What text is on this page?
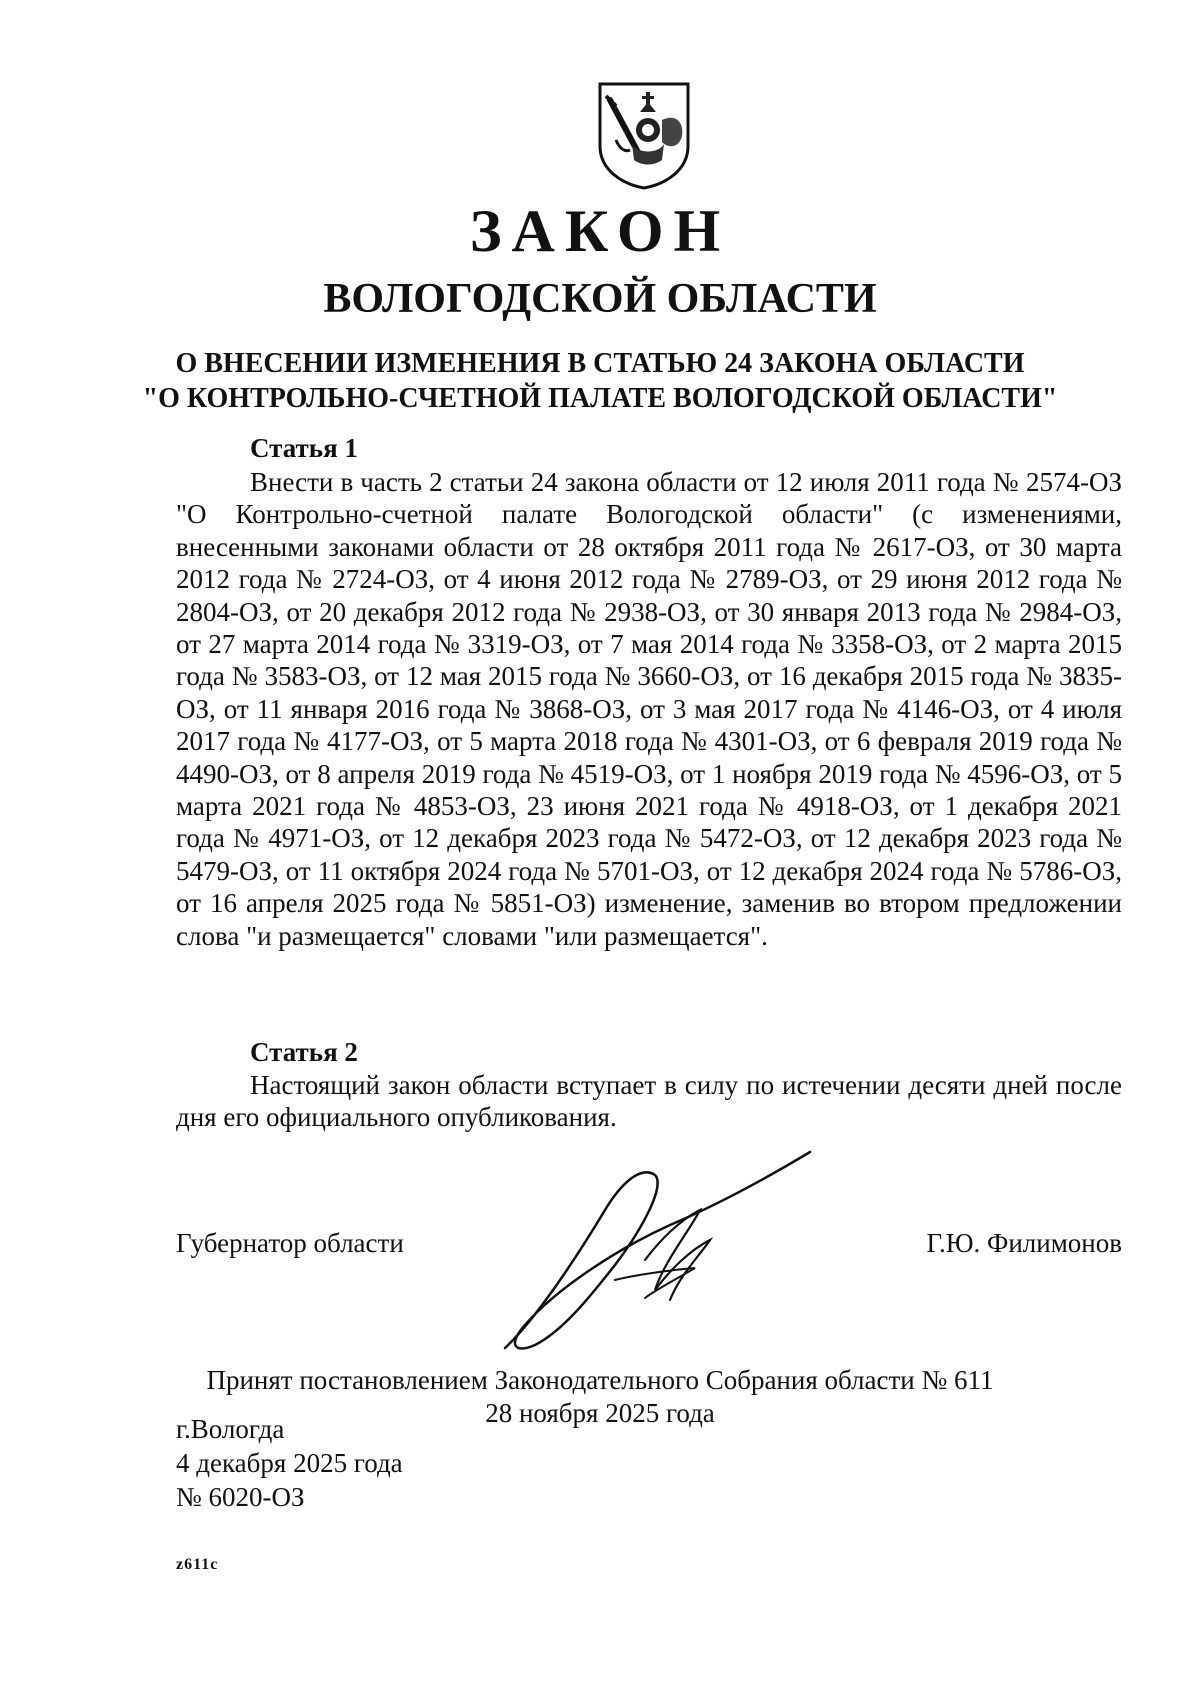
ЗАКОН
ВОЛОГОДСКОЙ ОБЛАСТИ
О ВНЕСЕНИИ ИЗМЕНЕНИЯ В СТАТЬЮ 24 ЗАКОНА ОБЛАСТИ
"О КОНТРОЛЬНО-СЧЕТНОЙ ПАЛАТЕ ВОЛОГОДСКОЙ ОБЛАСТИ"
Статья 1

Внести в часть 2 статьи 24 закона области от 12 июля 2011 года № 2574-ОЗ "О Контрольно-счетной палате Вологодской области" (с изменениями, внесенными законами области от 28 октября 2011 года № 2617-ОЗ, от 30 марта 2012 года № 2724-ОЗ, от 4 июня 2012 года № 2789-ОЗ, от 29 июня 2012 года № 2804-ОЗ, от 20 декабря 2012 года № 2938-ОЗ, от 30 января 2013 года № 2984-ОЗ, от 27 марта 2014 года № 3319-ОЗ, от 7 мая 2014 года № 3358-ОЗ, от 2 марта 2015 года № 3583-ОЗ, от 12 мая 2015 года № 3660-ОЗ, от 16 декабря 2015 года № 3835-ОЗ, от 11 января 2016 года № 3868-ОЗ, от 3 мая 2017 года № 4146-ОЗ, от 4 июля 2017 года № 4177-ОЗ, от 5 марта 2018 года № 4301-ОЗ, от 6 февраля 2019 года № 4490-ОЗ, от 8 апреля 2019 года № 4519-ОЗ, от 1 ноября 2019 года № 4596-ОЗ, от 5 марта 2021 года № 4853-ОЗ, 23 июня 2021 года № 4918-ОЗ, от 1 декабря 2021 года № 4971-ОЗ, от 12 декабря 2023 года № 5472-ОЗ, от 12 декабря 2023 года № 5479-ОЗ, от 11 октября 2024 года № 5701-ОЗ, от 12 декабря 2024 года № 5786-ОЗ, от 16 апреля 2025 года № 5851-ОЗ) изменение, заменив во втором предложении слова "и размещается" словами "или размещается".

Статья 2

Настоящий закон области вступает в силу по истечении десяти дней после дня его официального опубликования.

Губернатор области	Г.Ю. Филимонов
Принят постановлением Законодательного Собрания области № 611
28 ноября 2025 года
г.Вологда
4 декабря 2025 года
№ 6020-ОЗ
z611c
